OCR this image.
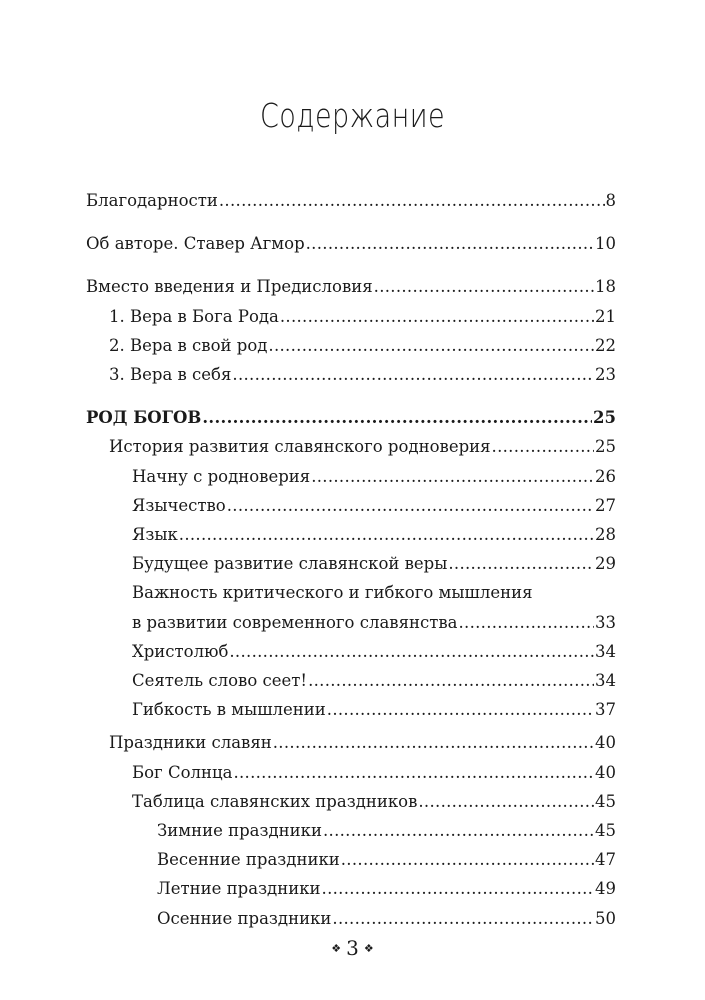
Содержание
Благодарности .....	8
Об авторе. Ставер Агмор .....	10
Вместо введения и Предисловия .....	18
1. Вера в Бога Рода .....	21
2. Вера в свой род .....	22
3. Вера в себя .....	23
РОД БОГОВ .....	25
История развития славянского родноверия .....	25
Начну с родноверия .....	26
Язычество .....	27
Язык .....	28
Будущее развитие славянской веры .....	29
Важность критического и гибкого мышления
в развитии современного славянства .....	33
Христолюб .....	34
Сеятель слово сеет! .....	34
Гибкость в мышлении .....	37
Праздники славян .....	40
Бог Солнца .....	40
Таблица славянских праздников .....	45
Зимние праздники .....	45
Весенние праздники .....	47
Летние праздники .....	49
Осенние праздники .....	50
❖ 3 ❖
